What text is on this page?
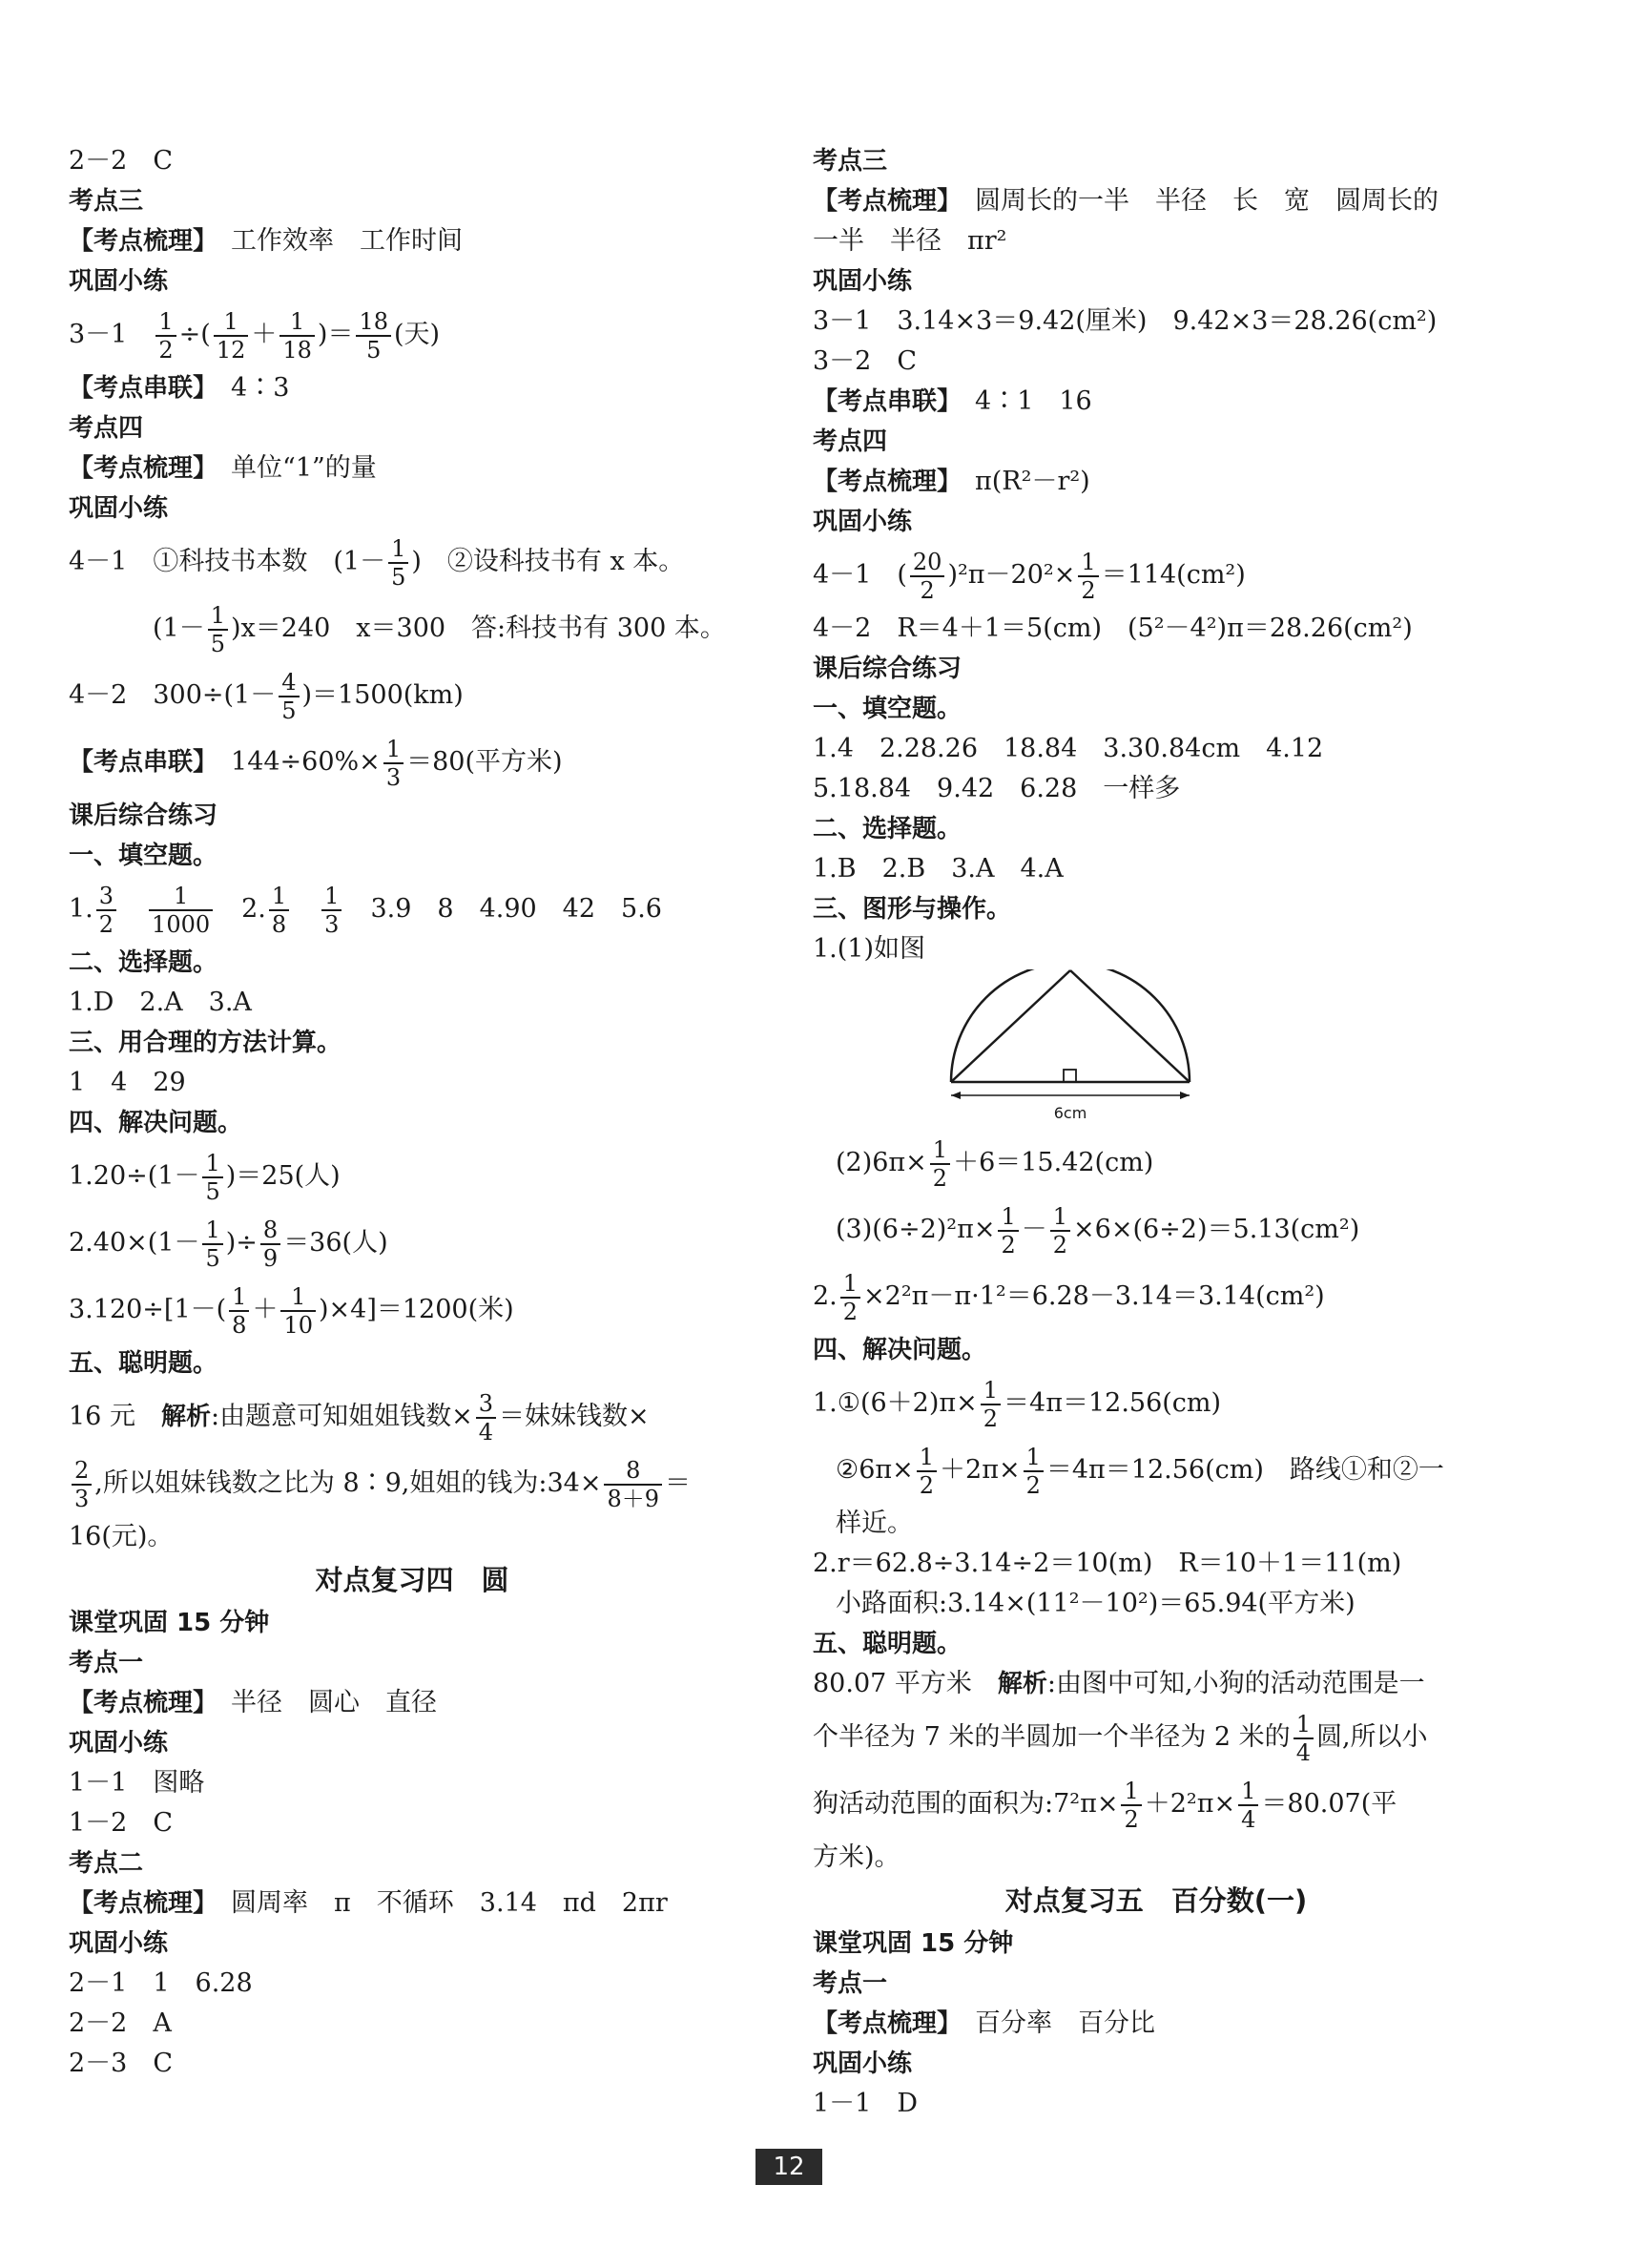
2－2　C
考点三
【考点梳理】　 工作效率　工作时间
巩固小练
3－1　 $\frac{1}{2}$ ÷( $\frac{1}{12} + \frac{1}{18}$ )＝ $\frac{18}{5}$ (天)
【考点串联】　 4∶3
考点四
【考点梳理】　 单位“1”的量
巩固小练
4－1　①科技书本数　($1- \frac{1}{5}$ )　②设科技书有 x 本。
$(1- \frac{1}{5} )x=240$　x＝300　答:科技书有 300 本。
4－2　$300\div(1- \frac{4}{5} )=1500(km)$
【考点串联】　 $144\div 60\%\times \frac{1}{3} =80$(平方米)
课后综合练习
一、填空题。
1. $\frac{3}{2} \frac{1}{1000}$
　 2. $\frac{1}{8} \frac{1}{3}$
　 3.9　8　4.90　42　5.6
二、选择题。
1.D　2.A　3.A
三、用合理的方法计算。
1　4　29
四、解决问题。
$1.20\div(1- \frac{1}{5} )=25$(人)
$2.40\times(1- \frac{1}{5}$ )÷ $\frac{8}{9} =36$(人)
$3.120\div[1-( \frac{1}{8} + \frac{1}{10} )\times 4]=1200$(米)
五、聪明题。
16 元　解析:由题意可知姐姐钱数× $\frac{3}{4}$ ＝妹妹钱数×
$\frac{2}{3}$ ,所以姐妹钱数之比为 8∶9,姐姐的钱为:34× $\frac{8}{8+9}$ ＝
16(元)。
对点复习四　圆
课堂巩固 15 分钟
考点一
【考点梳理】　 半径　圆心　直径
巩固小练
1－1　图略
1－2　C
考点二
【考点梳理】　 圆周率　π　不循环　3.14　πd　2πr
巩固小练
2－1　1　6.28
2－2　A
2－3　C
考点三
【考点梳理】　 圆周长的一半　半径　长　宽　圆周长的
一半　半径　πr²
巩固小练
3－1　3.14×3＝9.42(厘米)　9.42×3＝28.26(cm²)
3－2　C
【考点串联】　 4∶1　16
考点四
【考点梳理】　 π(R²－r²)
巩固小练
4－1　( $\frac{20}{2} )^2\pi-20^2\times \frac{1}{2} =114(cm^2)$
4－2　R＝4＋1＝5(cm)　(5²－4²)π＝28.26(cm²)
课后综合练习
一、填空题。
1.4　2.28.26　18.84　3.30.84cm　4.12
5.18.84　9.42　6.28　一样多
二、选择题。
1.B　2.B　3.A　4.A
三、图形与操作。
1.(1)如图
6cm
$(2)6\pi\times \frac{1}{2} +6=15.42(cm)$
$(3)(6\div 2)^2\pi\times \frac{1}{2} - \frac{1}{2} \times 6\times(6\div 2)=5.13(cm^2)$
2. $\frac{1}{2} \times 2^2\pi-\pi\cdot 1^2=6.28-3.14=3.14(cm^2)$
四、解决问题。
1.①(6＋2)π× $\frac{1}{2} =4\pi=12.56(cm)$
②6π× $\frac{1}{2} +2\pi\times \frac{1}{2} =4\pi=12.56(cm)$　路线①和②一
样近。
2.r＝62.8÷3.14÷2＝10(m)　R＝10＋1＝11(m)
小路面积:3.14×(11²－10²)＝65.94(平方米)
五、聪明题。
80.07 平方米　解析:由图中可知,小狗的活动范围是一
个半径为 7 米的半圆加一个半径为 2 米的 $\frac{1}{4}$ 圆,所以小
狗活动范围的面积为:7²π× $\frac{1}{2} +2^2\pi\times \frac{1}{4} =80.07$(平
方米)。
对点复习五　百分数(一)
课堂巩固 15 分钟
考点一
【考点梳理】　 百分率　百分比
巩固小练
1－1　D
12
